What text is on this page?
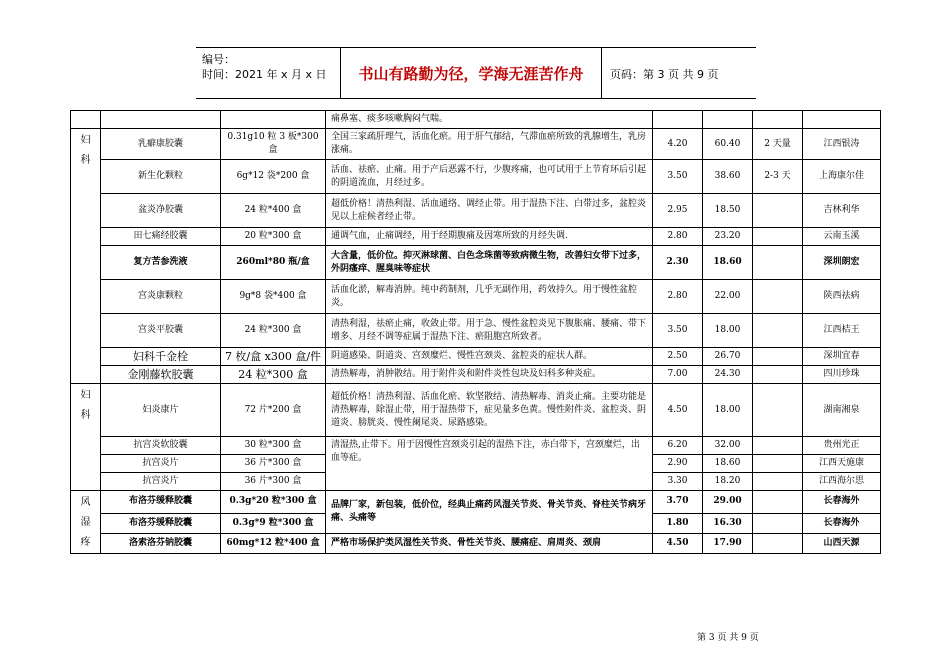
编号：
时间：2021 年 x 月 x 日	书山有路勤为径，学海无涯苦作舟	页码：第 3 页 共 9 页
			痛鼻塞、痰多咳嗽胸闷气喘。				
妇
科	乳癖康胶囊	0.31g10 粒 3 板*300 盒	全国三家疏肝理气，活血化瘀。用于肝气郁结，气滞血瘀所致的乳腺增生，乳房涨痛。	4.20	60.40	2 天量	江西银涛
	新生化颗粒	6g*12 袋*200 盒	活血、祛瘀、止痛。用于产后恶露不行，少腹疼痛，也可试用于上节育环后引起的阴道流血，月经过多。	3.50	38.60	2-3 天	上海康尔佳
	盆炎净胶囊	24 粒*400 盒	超低价格！清热利湿、活血通络、调经止带。用于湿热下注、白带过多，盆腔炎见以上症候者经止带。	2.95	18.50		吉林利华
	田七痛经胶囊	20 粒*300 盒	通调气血，止痛调经，用于经期腹痛及因寒所致的月经失调.	2.80	23.20		云南玉溪
	复方苦参洗液	260ml*80 瓶/盒	大含量，低价位。抑灭淋球菌、白色念珠菌等致病微生物，改善妇女带下过多，外阴瘙痒、腥臭味等症状	2.30	18.60		深圳朗宏
	宫炎康颗粒	9g*8 袋*400 盒	活血化淤，解毒消肿。纯中药制剂，几乎无副作用，药效持久。用于慢性盆腔炎。	2.80	22.00		陕西祛病
	宫炎平胶囊	24 粒*300 盒	清热利湿，祛瘀止痛，收敛止带。用于急、慢性盆腔炎见下腹胀痛、腰痛、带下增多、月经不调等症属于湿热下注、瘀阻胞宫所致者。	3.50	18.00		江西桔王
	妇科千金栓	7 枚/盒 x300 盒/件	阴道感染、阴道炎、宫颈糜烂、慢性宫颈炎、盆腔炎的症状人群。	2.50	26.70		深圳宜春
	金刚藤软胶囊	24 粒*300 盒	清热解毒，消肿散结。用于附件炎和附件炎性包块及妇科多种炎症。	7.00	24.30		四川珍珠
妇
科	妇炎康片	72 片*200 盒	超低价格！清热利湿、活血化瘀、软坚散结、清热解毒、消炎止痛。主要功能是清热解毒，除湿止带，用于湿热带下，症见量多色黄。慢性附件炎、盆腔炎、阴道炎、膀胱炎、慢性阑尾炎、尿路感染。	4.50	18.00		湖南湘泉
	抗宫炎软胶囊	30 粒*300 盒	清湿热,止带下。用于因慢性宫颈炎引起的湿热下注，赤白带下，宫颈糜烂，出血等症。	6.20	32.00		贵州光正
	抗宫炎片	36 片*300 盒		2.90	18.60		江西天施康
	抗宫炎片	36 片*300 盒		3.30	18.20		江西海尔思
风
湿
疼	布洛芬缓释胶囊	0.3g*20 粒*300 盒	品牌厂家，新包装，低价位，经典止痛药风湿关节炎、骨关节炎、脊柱关节病牙痛、头痛等	3.70	29.00		长春海外
	布洛芬缓释胶囊	0.3g*9 粒*300 盒		1.80	16.30		长春海外
	洛索洛芬钠胶囊	60mg*12 粒*400 盒	严格市场保护类风湿性关节炎、骨性关节炎、腰痛症、肩周炎、颈肩	4.50	17.90		山西天源
第 3 页 共 9 页
